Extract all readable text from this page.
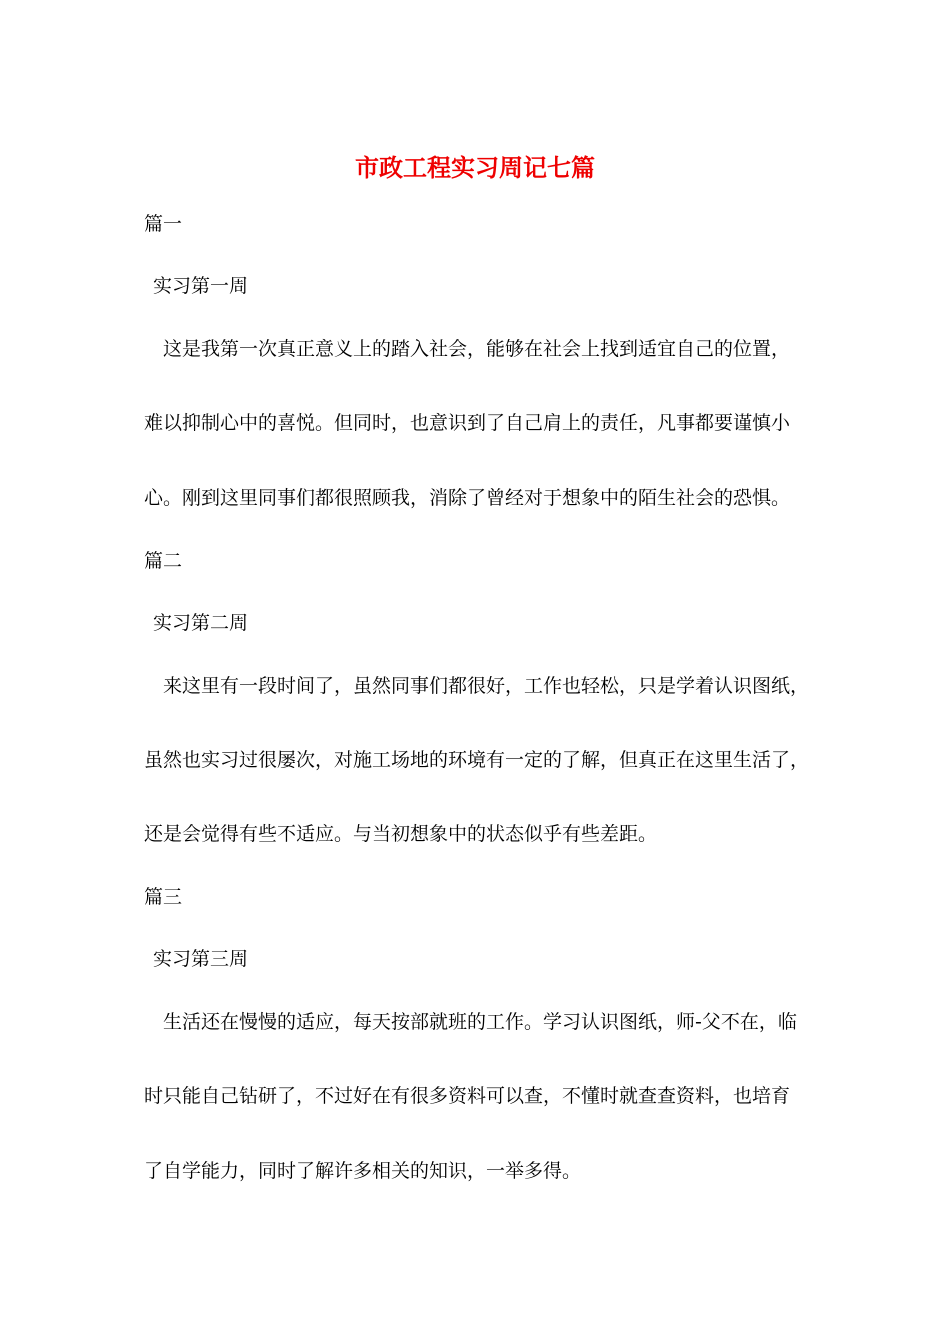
市政工程实习周记七篇
篇一
实习第一周
这是我第一次真正意义上的踏入社会，能够在社会上找到适宜自己的位置，
难以抑制心中的喜悦。但同时，也意识到了自己肩上的责任，凡事都要谨慎小
心。刚到这里同事们都很照顾我，消除了曾经对于想象中的陌生社会的恐惧。
篇二
实习第二周
来这里有一段时间了，虽然同事们都很好，工作也轻松，只是学着认识图纸，
虽然也实习过很屡次，对施工场地的环境有一定的了解，但真正在这里生活了，
还是会觉得有些不适应。与当初想象中的状态似乎有些差距。
篇三
实习第三周
生活还在慢慢的适应，每天按部就班的工作。学习认识图纸，师-父不在，临
时只能自己钻研了，不过好在有很多资料可以查，不懂时就查查资料，也培育
了自学能力，同时了解许多相关的知识，一举多得。
